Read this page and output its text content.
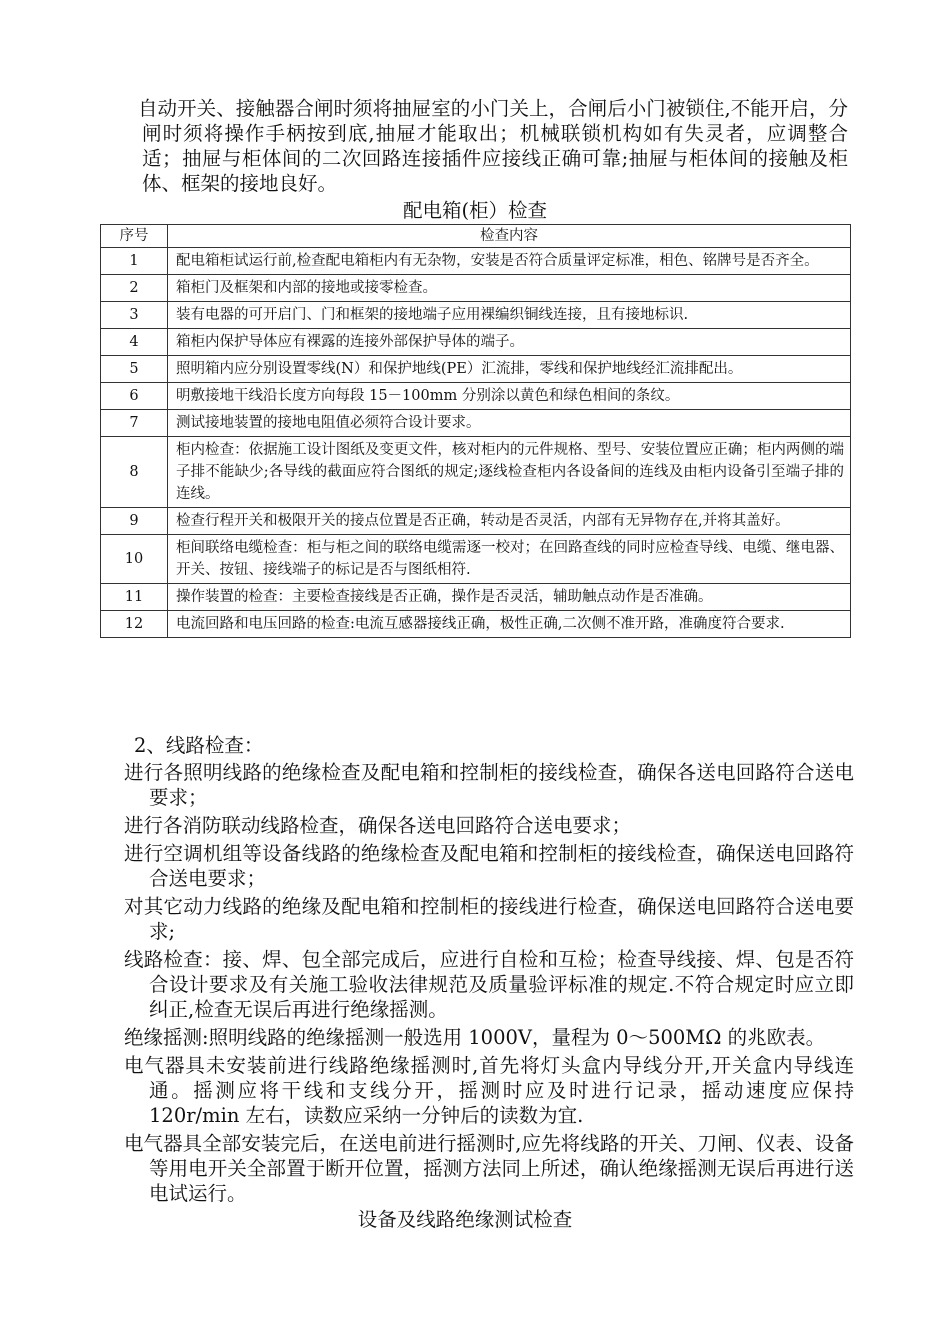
自动开关、接触器合闸时须将抽屉室的小门关上，合闸后小门被锁住,不能开启，分闸时须将操作手柄按到底,抽屉才能取出；机械联锁机构如有失灵者，应调整合适；抽屉与柜体间的二次回路连接插件应接线正确可靠;抽屉与柜体间的接触及柜体、框架的接地良好。

配电箱(柜）检查
序号	检查内容
1	配电箱柜试运行前,检查配电箱柜内有无杂物，安装是否符合质量评定标准，相色、铭牌号是否齐全。
2	箱柜门及框架和内部的接地或接零检查。
3	装有电器的可开启门、门和框架的接地端子应用裸编织铜线连接，且有接地标识.
4	箱柜内保护导体应有裸露的连接外部保护导体的端子。
5	照明箱内应分别设置零线(N）和保护地线(PE）汇流排，零线和保护地线经汇流排配出。
6	明敷接地干线沿长度方向每段 15－100mm 分别涂以黄色和绿色相间的条纹。
7	测试接地装置的接地电阻值必须符合设计要求。
8	柜内检查：依据施工设计图纸及变更文件，核对柜内的元件规格、型号、安装位置应正确；柜内两侧的端子排不能缺少;各导线的截面应符合图纸的规定;逐线检查柜内各设备间的连线及由柜内设备引至端子排的连线。
9	检查行程开关和极限开关的接点位置是否正确，转动是否灵活，内部有无异物存在,并将其盖好。
10	柜间联络电缆检查：柜与柜之间的联络电缆需逐一校对；在回路查线的同时应检查导线、电缆、继电器、开关、按钮、接线端子的标记是否与图纸相符.
11	操作装置的检查：主要检查接线是否正确，操作是否灵活，辅助触点动作是否准确。
12	电流回路和电压回路的检查:电流互感器接线正确，极性正确,二次侧不准开路，准确度符合要求.

2、线路检查：

进行各照明线路的绝缘检查及配电箱和控制柜的接线检查，确保各送电回路符合送电要求；

进行各消防联动线路检查，确保各送电回路符合送电要求；

进行空调机组等设备线路的绝缘检查及配电箱和控制柜的接线检查，确保送电回路符合送电要求；

对其它动力线路的绝缘及配电箱和控制柜的接线进行检查，确保送电回路符合送电要求;

线路检查：接、焊、包全部完成后，应进行自检和互检；检查导线接、焊、包是否符合设计要求及有关施工验收法律规范及质量验评标准的规定.不符合规定时应立即纠正,检查无误后再进行绝缘摇测。

绝缘摇测:照明线路的绝缘摇测一般选用 1000V，量程为 0～500MΩ 的兆欧表。

电气器具未安装前进行线路绝缘摇测时,首先将灯头盒内导线分开,开关盒内导线连通。摇测应将干线和支线分开，摇测时应及时进行记录，摇动速度应保持 120r/min 左右，读数应采纳一分钟后的读数为宜.

电气器具全部安装完后，在送电前进行摇测时,应先将线路的开关、刀闸、仪表、设备等用电开关全部置于断开位置，摇测方法同上所述，确认绝缘摇测无误后再进行送电试运行。

设备及线路绝缘测试检查
